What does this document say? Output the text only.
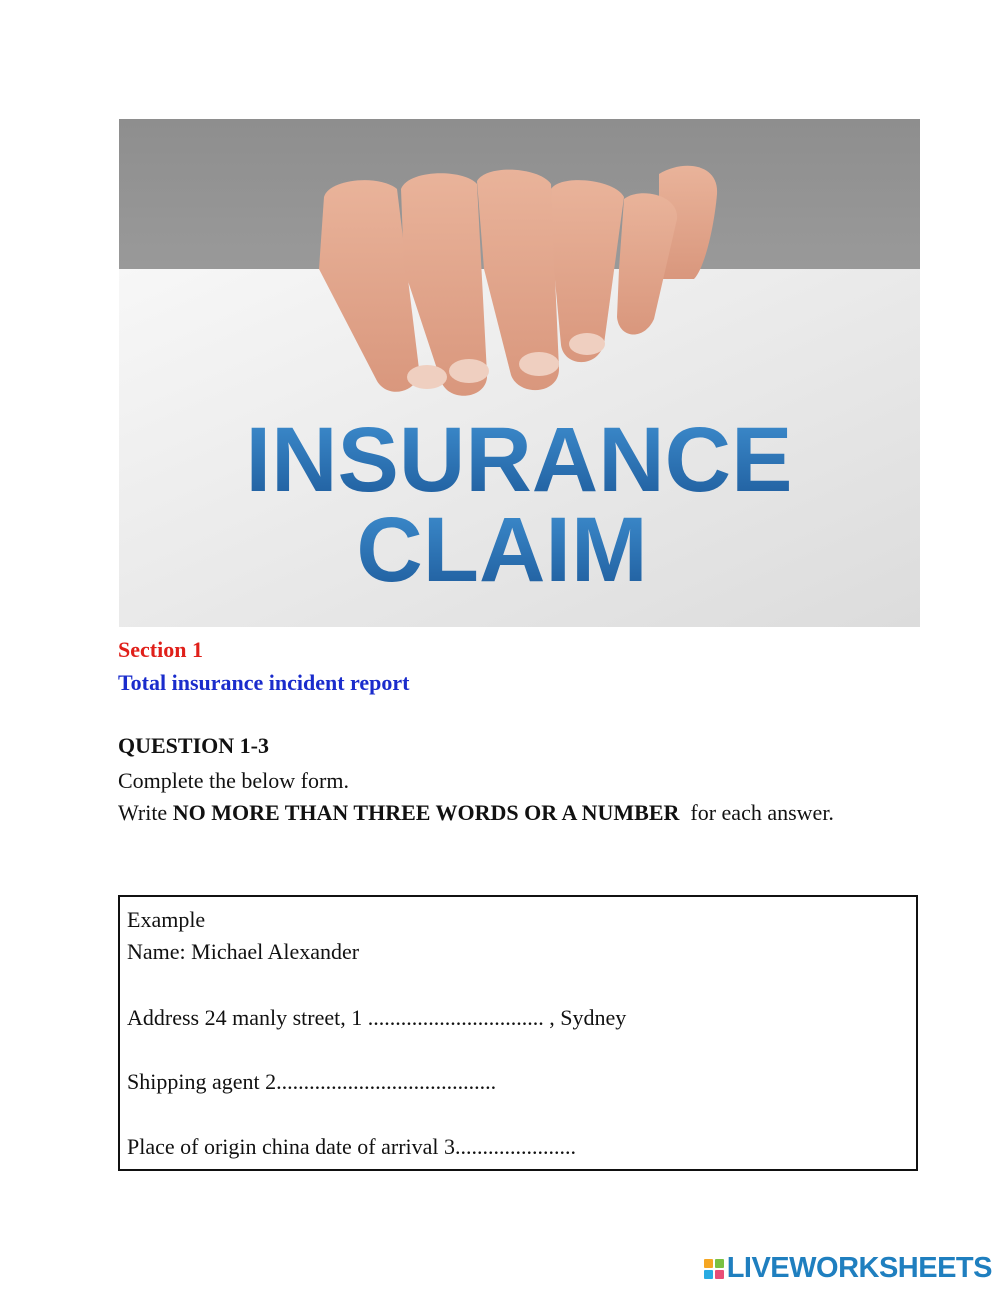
INSURANCE
CLAIM
Section 1
Total insurance incident report
QUESTION 1-3
Complete the below form.
Write NO MORE THAN THREE WORDS OR A NUMBER  for each answer.
Example
Name: Michael Alexander
Address 24 manly street, 1 ................................ , Sydney
Shipping agent 2........................................
Place of origin china date of arrival 3......................
LIVEWORKSHEETS
